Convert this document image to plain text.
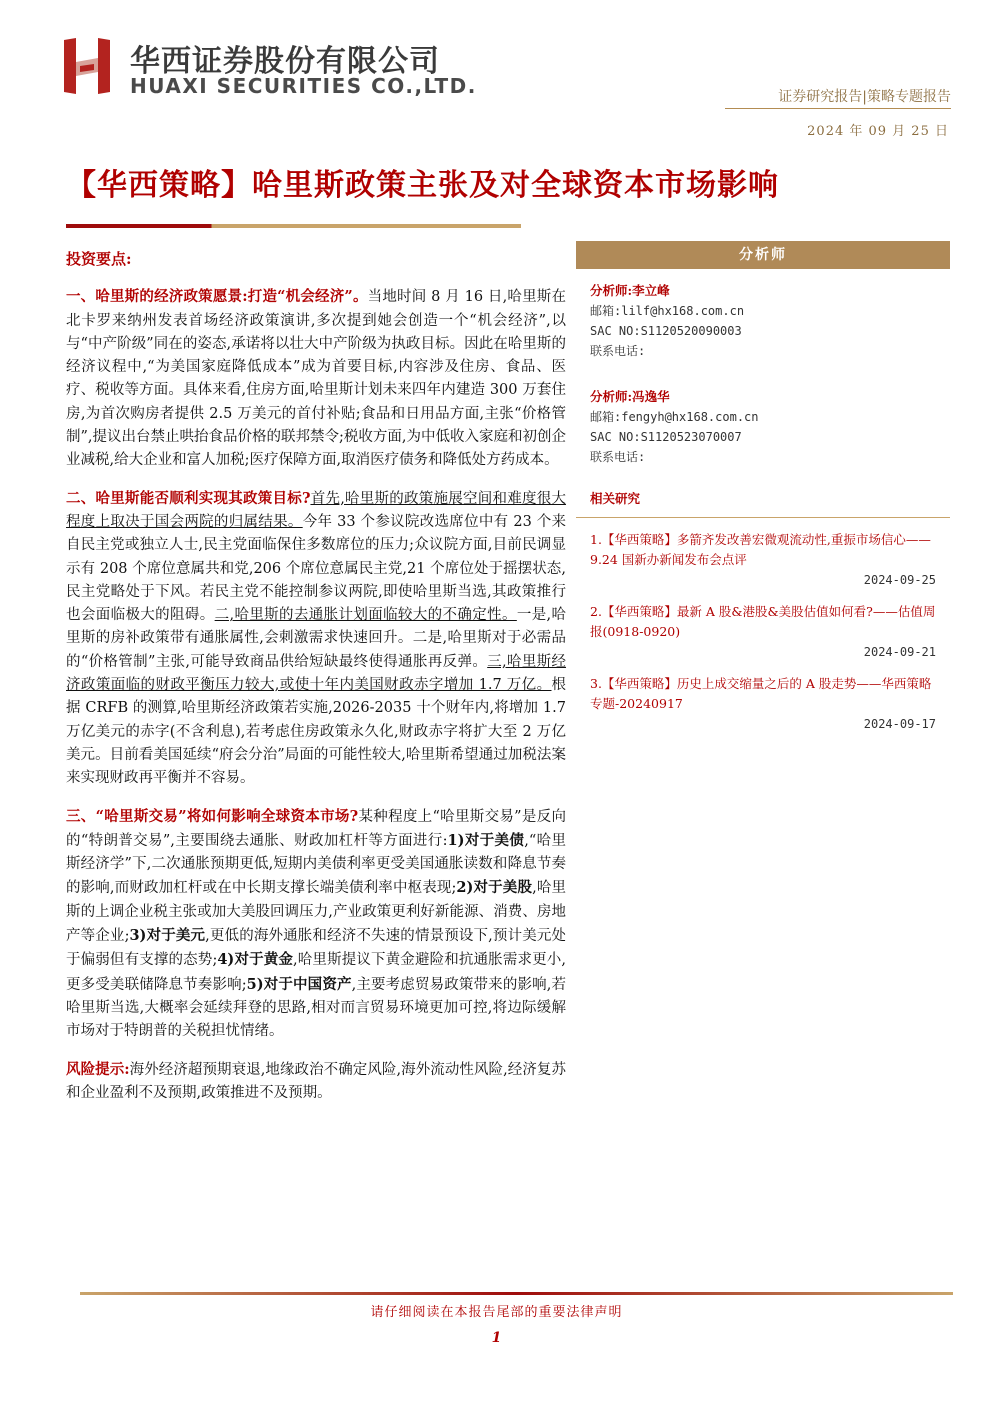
华西证券股份有限公司
HUAXI SECURITIES CO.,LTD.	证券研究报告|策略专题报告
2024 年 09 月 25 日
【华西策略】哈里斯政策主张及对全球资本市场影响
投资要点:

一、哈里斯的经济政策愿景:打造“机会经济”。当地时间 8 月 16 日,哈里斯在北卡罗来纳州发表首场经济政策演讲,多次提到她会创造一个“机会经济”,以与“中产阶级”同在的姿态,承诺将以壮大中产阶级为执政目标。因此在哈里斯的经济议程中,“为美国家庭降低成本”成为首要目标,内容涉及住房、食品、医疗、税收等方面。具体来看,住房方面,哈里斯计划未来四年内建造 300 万套住房,为首次购房者提供 2.5 万美元的首付补贴;食品和日用品方面,主张“价格管制”,提议出台禁止哄抬食品价格的联邦禁令;税收方面,为中低收入家庭和初创企业减税,给大企业和富人加税;医疗保障方面,取消医疗债务和降低处方药成本。

二、哈里斯能否顺利实现其政策目标?首先,哈里斯的政策施展空间和难度很大程度上取决于国会两院的归属结果。今年 33 个参议院改选席位中有 23 个来自民主党或独立人士,民主党面临保住多数席位的压力;众议院方面,目前民调显示有 208 个席位意属共和党,206 个席位意属民主党,21 个席位处于摇摆状态,民主党略处于下风。若民主党不能控制参议两院,即使哈里斯当选,其政策推行也会面临极大的阻碍。二,哈里斯的去通胀计划面临较大的不确定性。一是,哈里斯的房补政策带有通胀属性,会刺激需求快速回升。二是,哈里斯对于必需品的“价格管制”主张,可能导致商品供给短缺最终使得通胀再反弹。三,哈里斯经济政策面临的财政平衡压力较大,或使十年内美国财政赤字增加 1.7 万亿。根据 CRFB 的测算,哈里斯经济政策若实施,2026-2035 十个财年内,将增加 1.7 万亿美元的赤字(不含利息),若考虑住房政策永久化,财政赤字将扩大至 2 万亿美元。目前看美国延续“府会分治”局面的可能性较大,哈里斯希望通过加税法案来实现财政再平衡并不容易。

三、“哈里斯交易”将如何影响全球资本市场?某种程度上“哈里斯交易”是反向的“特朗普交易”,主要围绕去通胀、财政加杠杆等方面进行:1)对于美债,“哈里斯经济学”下,二次通胀预期更低,短期内美债利率更受美国通胀读数和降息节奏的影响,而财政加杠杆或在中长期支撑长端美债利率中枢表现;2)对于美股,哈里斯的上调企业税主张或加大美股回调压力,产业政策更利好新能源、消费、房地产等企业;3)对于美元,更低的海外通胀和经济不失速的情景预设下,预计美元处于偏弱但有支撑的态势;4)对于黄金,哈里斯提议下黄金避险和抗通胀需求更小,更多受美联储降息节奏影响;5)对于中国资产,主要考虑贸易政策带来的影响,若哈里斯当选,大概率会延续拜登的思路,相对而言贸易环境更加可控,将边际缓解市场对于特朗普的关税担忧情绪。

风险提示:海外经济超预期衰退,地缘政治不确定风险,海外流动性风险,经济复苏和企业盈利不及预期,政策推进不及预期。

分析师
分析师:李立峰
邮箱:lilf@hx168.com.cn
SAC NO:S1120520090003
联系电话:
分析师:冯逸华
邮箱:fengyh@hx168.com.cn
SAC NO:S1120523070007
联系电话:
相关研究
1.【华西策略】多箭齐发改善宏微观流动性,重振市场信心——9.24 国新办新闻发布会点评
2024-09-25
2.【华西策略】最新 A 股&港股&美股估值如何看?——估值周报(0918-0920)
2024-09-21
3.【华西策略】历史上成交缩量之后的 A 股走势——华西策略专题-20240917
2024-09-17
请仔细阅读在本报告尾部的重要法律声明
1
